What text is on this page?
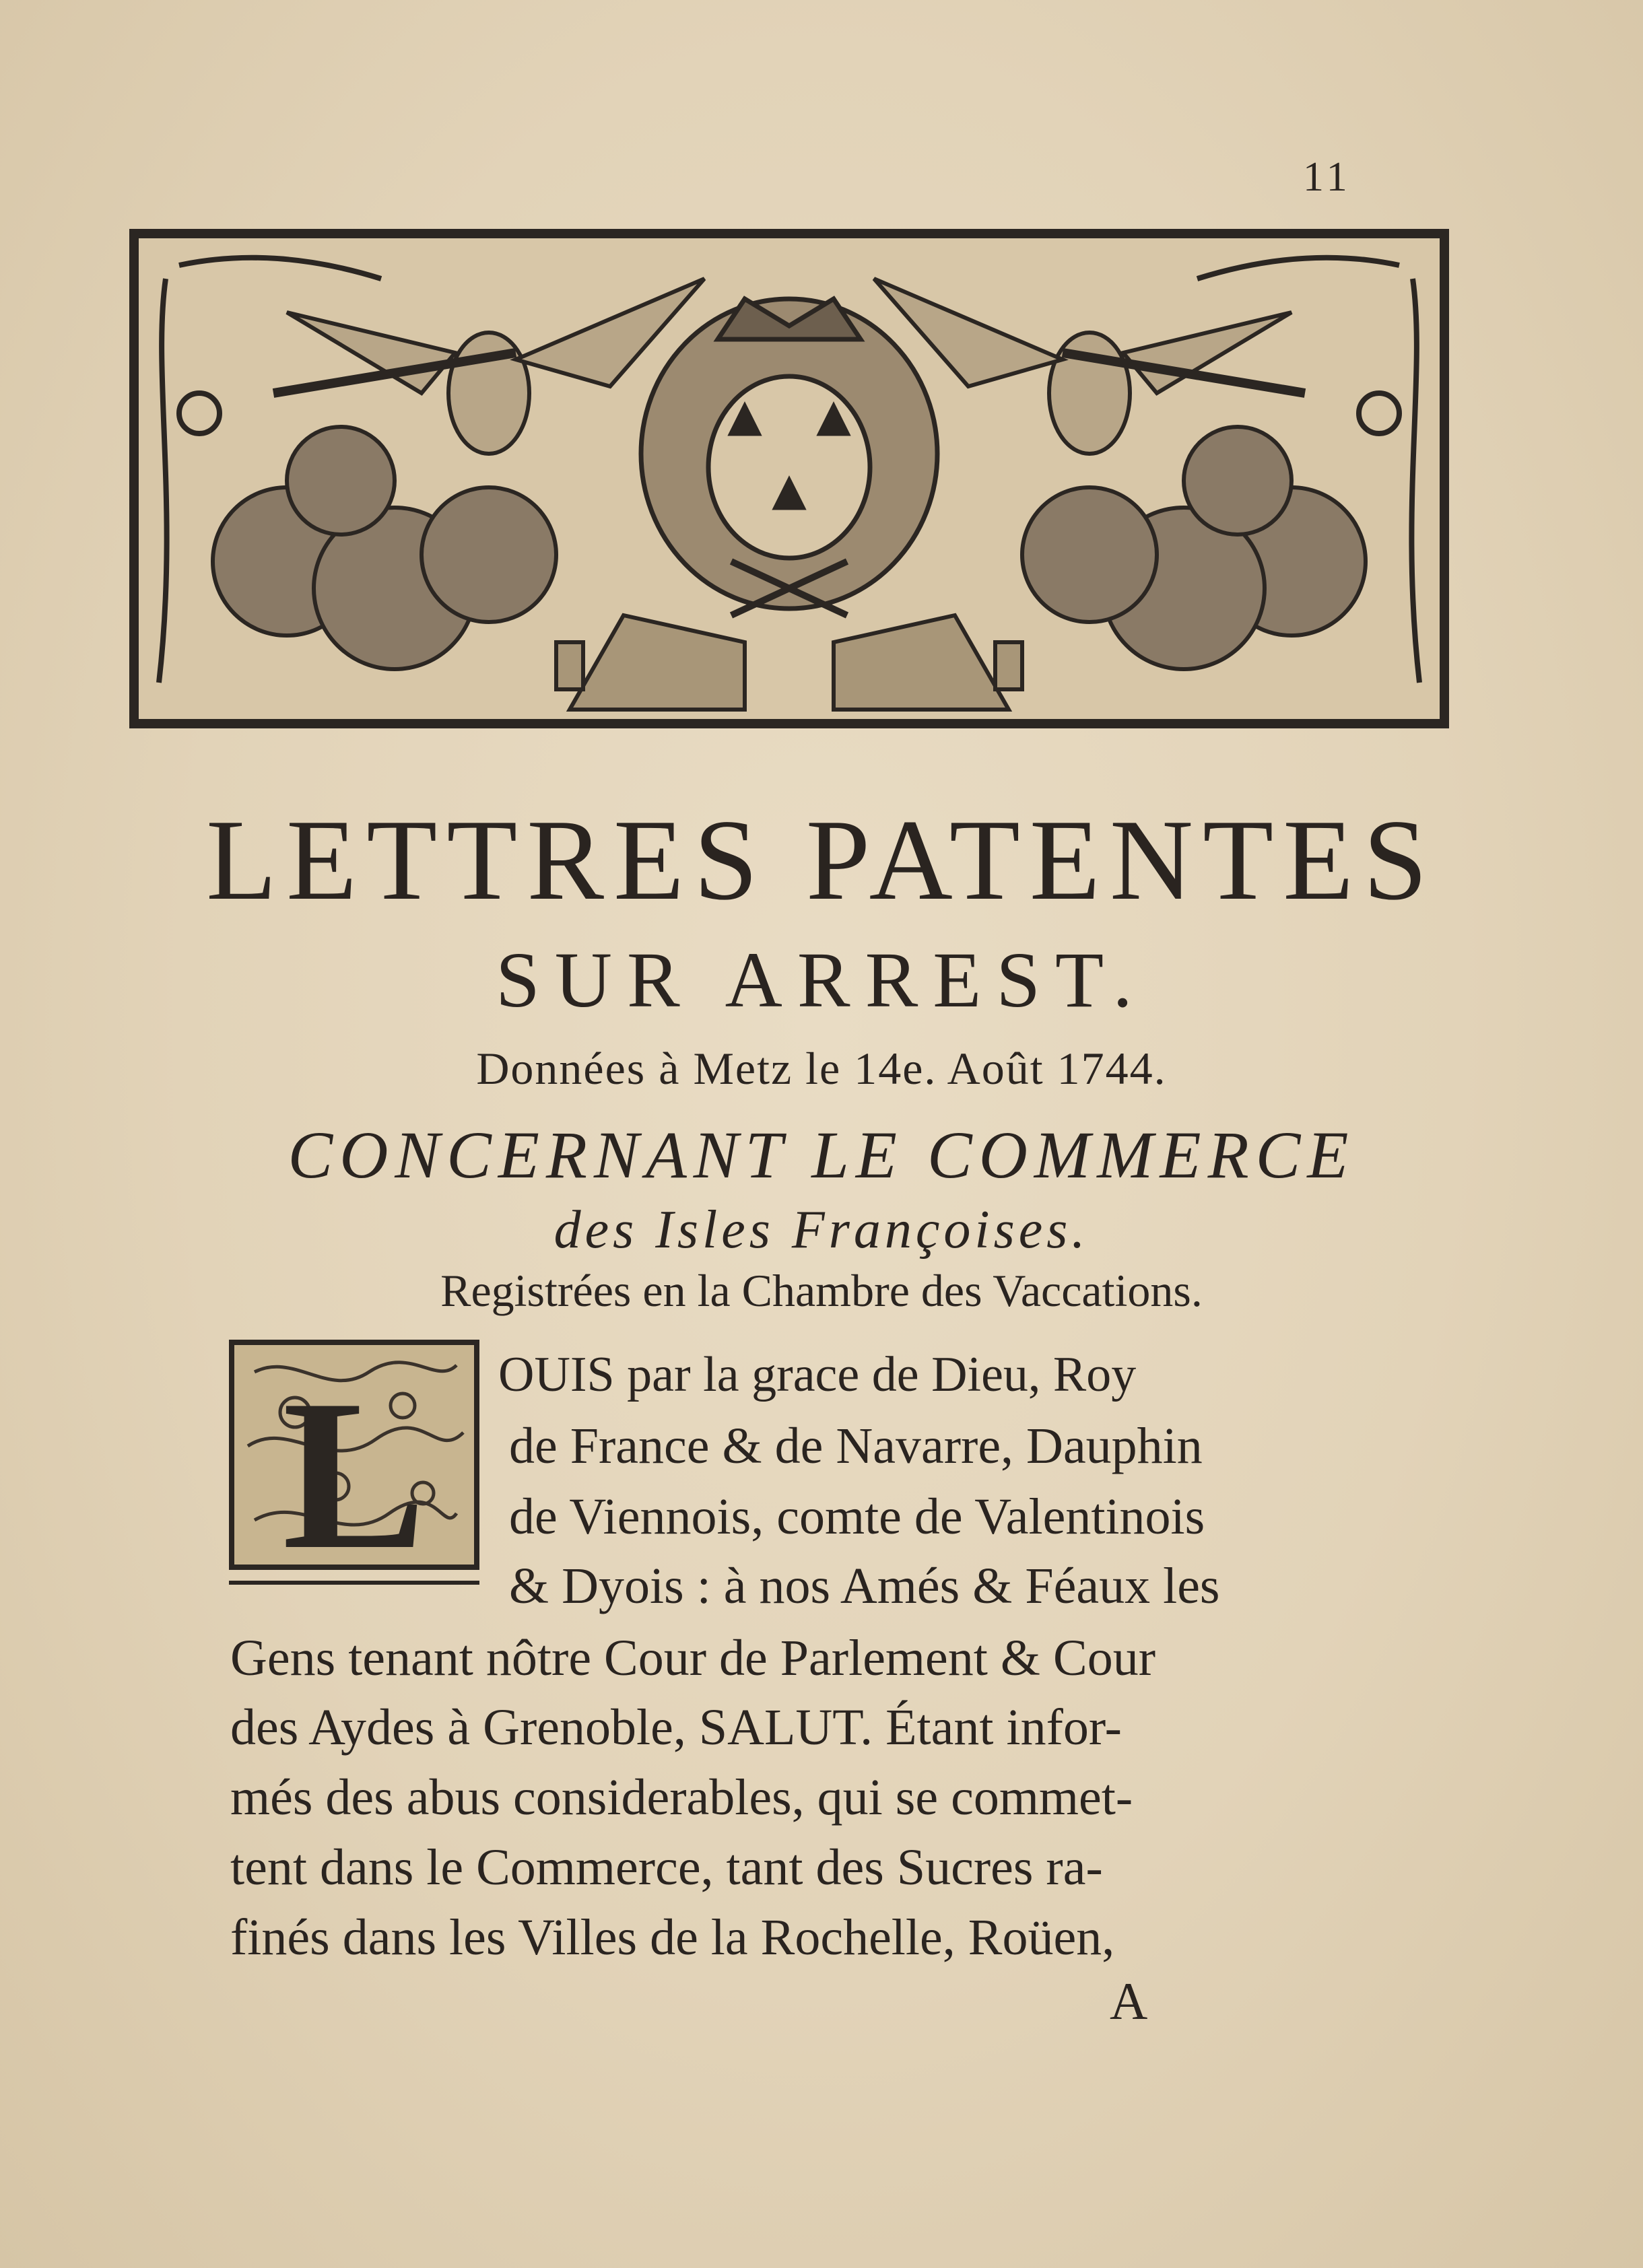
11
LETTRES PATENTES
SUR ARREST.
Données à Metz le 14e. Août 1744.
CONCERNANT LE COMMERCE
des Isles Françoises.
Registrées en la Chambre des Vaccations.
L OUIS par la grace de Dieu, Roy
de France & de Navarre, Dauphin
de Viennois, comte de Valentinois
& Dyois : à nos Amés & Féaux les
Gens tenant nôtre Cour de Parlement & Cour
des Aydes à Grenoble, SALUT. Étant infor-
més des abus considerables, qui se commet-
tent dans le Commerce, tant des Sucres ra-
finés dans les Villes de la Rochelle, Roüen,
A
